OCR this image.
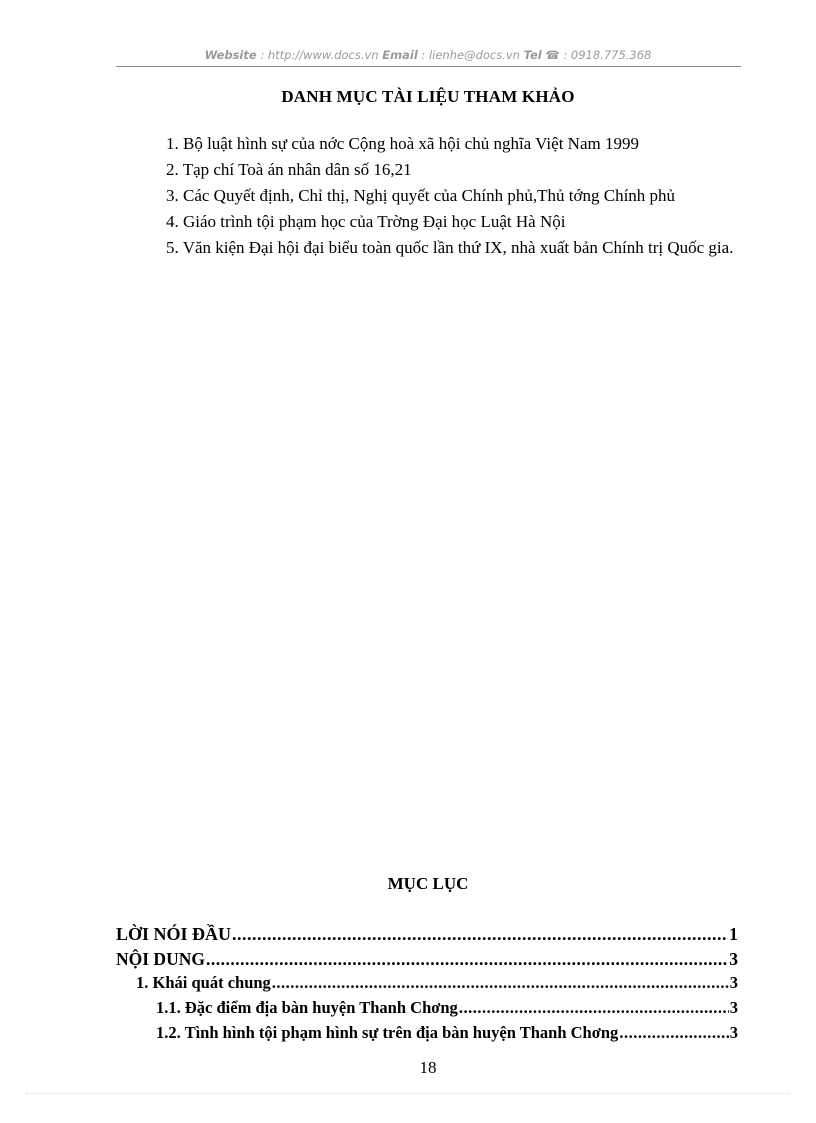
Website : http://www.docs.vn Email : lienhe@docs.vn Tel ☎ : 0918.775.368
DANH MỤC TÀI LIỆU THAM KHẢO

1. Bộ luật hình sự của nớc Cộng hoà xã hội chủ nghĩa Việt Nam 1999

2. Tạp chí Toà án nhân dân số 16,21

3. Các Quyết định, Chỉ thị, Nghị quyết của Chính phủ,Thủ tớng Chính phủ

4. Giáo trình tội phạm học của Trờng Đại học Luật Hà Nội

5. Văn kiện Đại hội đại biểu toàn quốc lần thứ IX, nhà xuất bản Chính trị Quốc gia.

MỤC LỤC
LỜI NÓI ĐẦU .....	1
NỘI DUNG .....	3
1. Khái quát chung .....	3
1.1. Đặc điểm địa bàn huyện Thanh Chơng .....	3
1.2. Tình hình tội phạm hình sự trên địa bàn huyện Thanh Chơng .....	3
18
